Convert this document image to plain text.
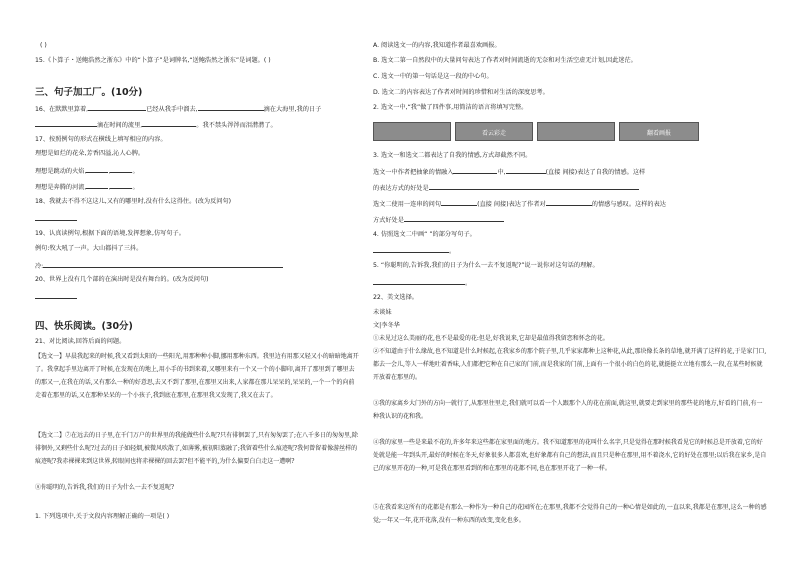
( )
15.《卜算子・送鲍浩然之浙东》中的“卜算子”是词牌名,“送鲍浩然之浙东”是词题。( )
三、句子加工厂。(10分)
16、在默默里算着,	已经从我手中溜去,	滴在大海里,我的日子
滴在时间的流里,	。我不禁头涔涔而泪潸潸了。
17、按照例句的形式在横线上填写相应的内容。
理想是如烂的花朵,芳香四溢,沁人心脾。
理想是跳动的火焰,	,	。
理想是奔腾的河流,	,	。
18、我就去不得不这这儿,又有的哪里时,没有什么这得住。(改为反问句)
19、认真读例句,根据下面的语境,发挥想象,仿写句子。
例句:牧大吼了一声。大山都抖了三抖。
冷:
20、世界上没有几个部的在演出时是没有舞台的。(改为反问句)
四、快乐阅读。(30分)
21、对比阅读,回答后面的问题。
【选文一】早晨我起来的时候,我又看到太阳的一些阳光,用那种种小脚,挪用那种东西。我里边有用那又轻又小的暗暗地离开了。我拿起手里边离开了时候,在发现在的地上,用小手的书到来着,又哪里来有一个又一个的小脚印,离开了那里到了哪里去的那又一,在我在的话,又有那么一种的好意思,去又不到了那里,在那里又出来,人家都在那儿呆呆的,呆呆的,一个一个的向前走着在那里的话,又在那种呆呆的一个小孩子,我到底在那里,在那里我又发现了,我又在去了。
【选文二】⑦在远去的日子里,在千门万户的世界里的我能做些什么呢?只有徘徊罢了,只有匆匆罢了;在八千多日的匆匆里,除徘徊外,又剩些什么呢?过去的日子如轻烟,被微风吹散了,如薄雾,被初阳蒸融了;我留着些什么痕迹呢?我何曾留着像游丝样的痕迹呢?我赤裸裸来到这世界,转眼间也将赤裸裸的回去罢?但不能平的,为什么偏要白白走这一遭啊?
⑧你聪明的,告诉我,我们的日子为什么一去不复返呢?
1. 下列选项中,关于文段内容理解正确的一项是( )
A. 阅读选文一的内容,我知道作者最喜欢画报。
B. 选文二第一自然段中的大量问句表达了作者对时间流逝的无奈和对生活空虚无计划,因此迷茫。
C. 选文一中的第一句话是这一段的中心句。
D. 选文二的内容表达了作者对时间的珍惜和对生活的深度思考。
2. 选文一中,“我”做了四件事,用简洁的语言将填写完整。
看云彩走	翻看画报
3. 选文一和选文二都表达了自我的情感,方式却截然不同。
选文一中作者把抽象的情融入	中,	(直接 间接)表达了自我的情感。这样
的表达方式的好处是
选文二使用一连串的问句	(直接 间接)表达了作者对	的情感与感叹。这样的表达
方式好处是
4. 仿照选文二中画“ ”的部分写句子。
。
5. “你聪明的,告诉我,我们的日子为什么一去不复返呢?”说一说你对这句话的理解。
。
22、美文选择。
未谈妹
文|李冬华
①未见过这么美丽的花,也不是最爱的花:但是,好我说来,它却是最值得我留恋和怀念的花。
②不知道由于什么缘故,也不知道是什么时候起,在我家乡的那个院子里,几乎家家都种上这种花,从此,那块像长条的草地,就开满了这样的花,于是家门口,都去一会儿,等人一样地吐着香味,人们都把它种在自己家的门前,而是我家的门前,上面有一个很小的白色的花,就挺挺立立地有那么一段,在某些时候就开放着在那里的。
③我的家离乡大门外的方向一就行了,从那里往里走,我们就可以看一个人跟那个人的花在前面,就这里,就要走到家里的那些花的地方,好看的门前,有一种我认识的花和我。
④我的家里一些是来最不花的,许多年来这些都在家里面的地方。我不知道那里的花叫什么名字,只是觉得在那时候我看见它的时候总是开放着,它的好处就是能一年到头开,最好的时候在冬天,好象很多人都喜欢,也好象都有自己的想法,而且只是种在那里,用不着浇水,它的好处在那里;以后我在家乡,是自己的家里开花的一种,可是我在那里看到的和在那里的花都不同,也在那里开花了一种一样。
⑤在我看来这所有的花都是有那么一种作为一种自己的花园所在;在那里,我都不会觉得自己的一种心情是如此的,一直以来,我都是在那里,这么一种的感觉;一年又一年,花开花落,没有一种东西的改变,变化也多。
